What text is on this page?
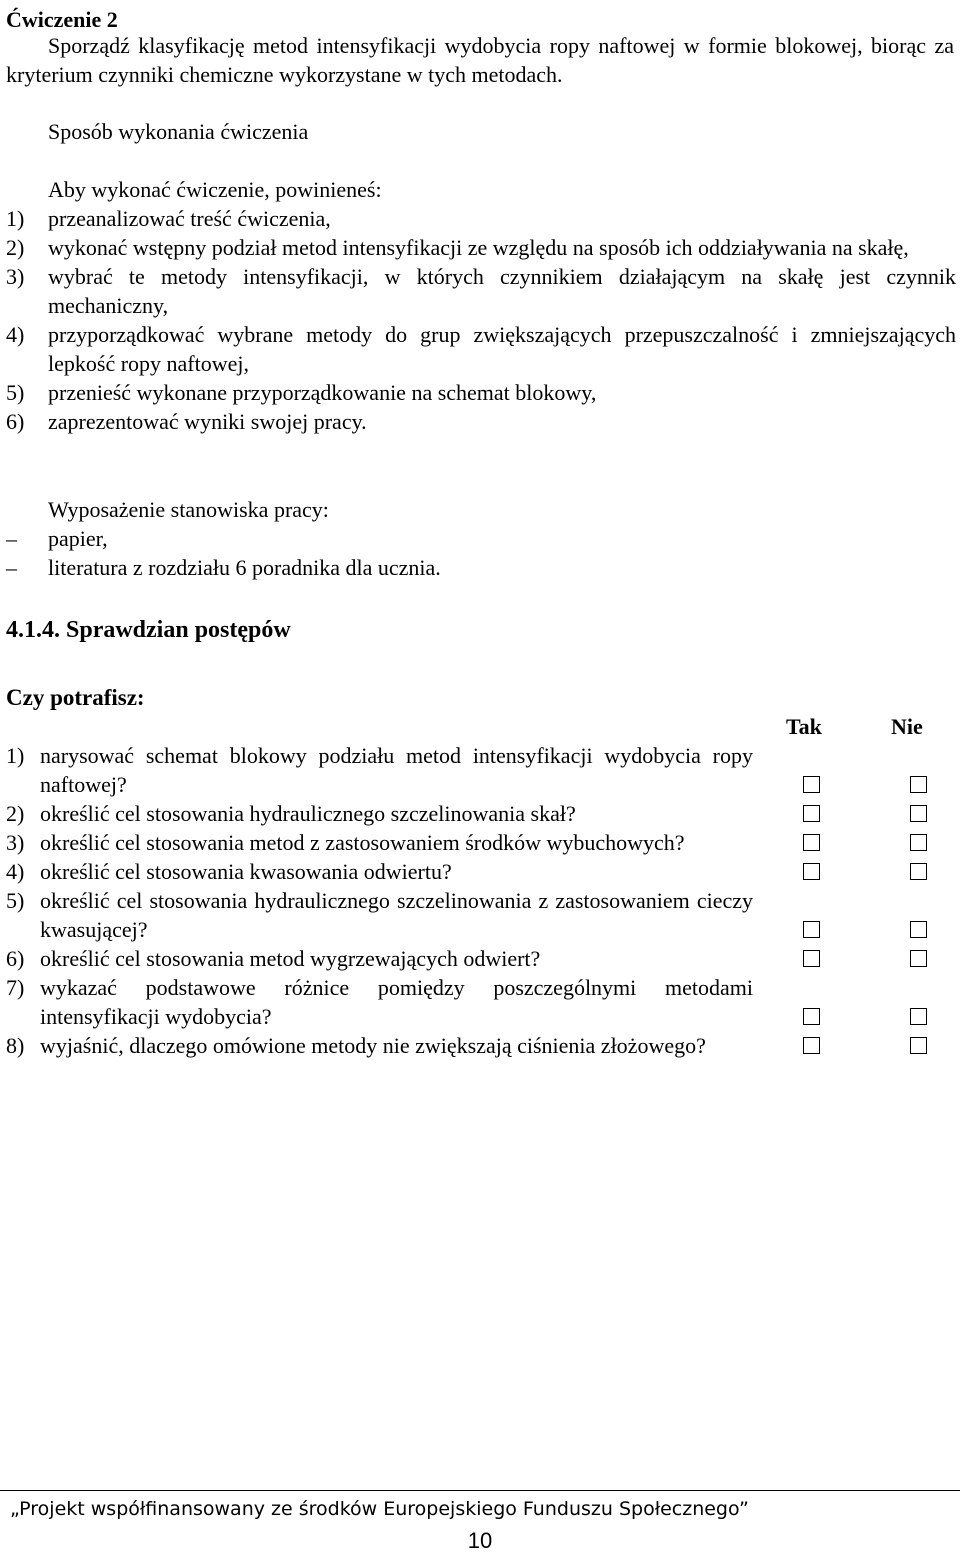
Ćwiczenie 2
Sporządź klasyfikację metod intensyfikacji wydobycia ropy naftowej w formie blokowej, biorąc za kryterium czynniki chemiczne wykorzystane w tych metodach.
Sposób wykonania ćwiczenia
Aby wykonać ćwiczenie, powinieneś:
1) przeanalizować treść ćwiczenia,
2) wykonać wstępny podział metod intensyfikacji ze względu na sposób ich oddziaływania na skałę,
3) wybrać te metody intensyfikacji, w których czynnikiem działającym na skałę jest czynnik mechaniczny,
4) przyporządkować wybrane metody do grup zwiększających przepuszczalność i zmniejszających lepkość ropy naftowej,
5) przenieść wykonane przyporządkowanie na schemat blokowy,
6) zaprezentować wyniki swojej pracy.
Wyposażenie stanowiska pracy:
– papier,
– literatura z rozdziału 6 poradnika dla ucznia.
4.1.4. Sprawdzian postępów
Czy potrafisz:
Tak	Nie
1) narysować schemat blokowy podziału metod intensyfikacji wydobycia ropy naftowej?
2) określić cel stosowania hydraulicznego szczelinowania skał?
3) określić cel stosowania metod z zastosowaniem środków wybuchowych?
4) określić cel stosowania kwasowania odwiertu?
5) określić cel stosowania hydraulicznego szczelinowania z zastosowaniem cieczy kwasującej?
6) określić cel stosowania metod wygrzewających odwiert?
7) wykazać podstawowe różnice pomiędzy poszczególnymi metodami intensyfikacji wydobycia?
8) wyjaśnić, dlaczego omówione metody nie zwiększają ciśnienia złożowego?
„Projekt współfinansowany ze środków Europejskiego Funduszu Społecznego”
10
